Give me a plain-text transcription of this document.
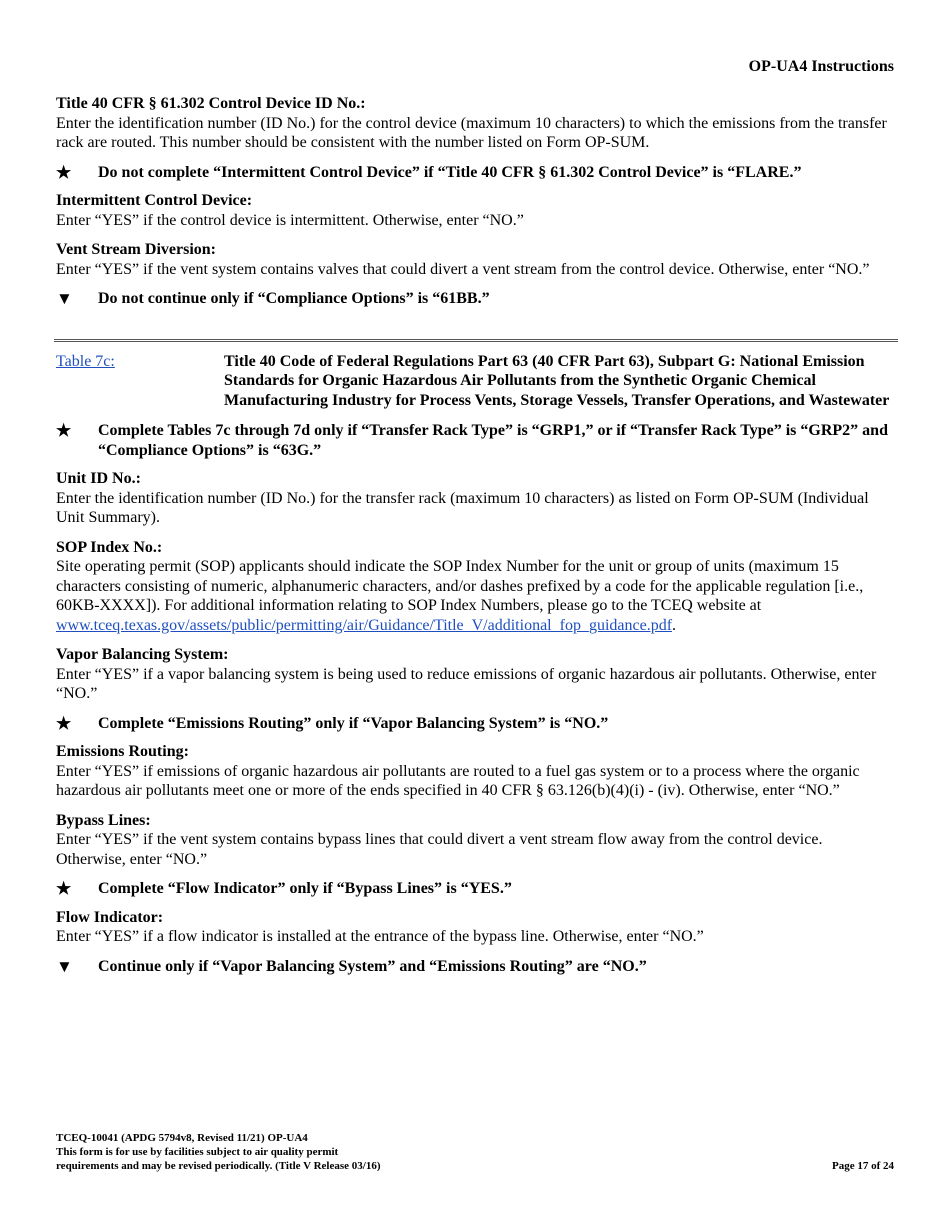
OP-UA4 Instructions
Title 40 CFR § 61.302 Control Device ID No.:
Enter the identification number (ID No.) for the control device (maximum 10 characters) to which the emissions from the transfer rack are routed. This number should be consistent with the number listed on Form OP-SUM.
★	Do not complete “Intermittent Control Device” if “Title 40 CFR § 61.302 Control Device” is “FLARE.”
Intermittent Control Device:
Enter “YES” if the control device is intermittent. Otherwise, enter “NO.”
Vent Stream Diversion:
Enter “YES” if the vent system contains valves that could divert a vent stream from the control device. Otherwise, enter “NO.”
▼	Do not continue only if “Compliance Options” is “61BB.”
Table 7c:	Title 40 Code of Federal Regulations Part 63 (40 CFR Part 63), Subpart G: National Emission Standards for Organic Hazardous Air Pollutants from the Synthetic Organic Chemical Manufacturing Industry for Process Vents, Storage Vessels, Transfer Operations, and Wastewater
★	Complete Tables 7c through 7d only if “Transfer Rack Type” is “GRP1,” or if “Transfer Rack Type” is “GRP2” and “Compliance Options” is “63G.”
Unit ID No.:
Enter the identification number (ID No.) for the transfer rack (maximum 10 characters) as listed on Form OP-SUM (Individual Unit Summary).
SOP Index No.:
Site operating permit (SOP) applicants should indicate the SOP Index Number for the unit or group of units (maximum 15 characters consisting of numeric, alphanumeric characters, and/or dashes prefixed by a code for the applicable regulation [i.e., 60KB-XXXX]). For additional information relating to SOP Index Numbers, please go to the TCEQ website at www.tceq.texas.gov/assets/public/permitting/air/Guidance/Title_V/additional_fop_guidance.pdf.
Vapor Balancing System:
Enter “YES” if a vapor balancing system is being used to reduce emissions of organic hazardous air pollutants. Otherwise, enter “NO.”
★	Complete “Emissions Routing” only if “Vapor Balancing System” is “NO.”
Emissions Routing:
Enter “YES” if emissions of organic hazardous air pollutants are routed to a fuel gas system or to a process where the organic hazardous air pollutants meet one or more of the ends specified in 40 CFR § 63.126(b)(4)(i) - (iv). Otherwise, enter “NO.”
Bypass Lines:
Enter “YES” if the vent system contains bypass lines that could divert a vent stream flow away from the control device. Otherwise, enter “NO.”
★	Complete “Flow Indicator” only if “Bypass Lines” is “YES.”
Flow Indicator:
Enter “YES” if a flow indicator is installed at the entrance of the bypass line. Otherwise, enter “NO.”
▼	Continue only if “Vapor Balancing System” and “Emissions Routing” are “NO.”
TCEQ-10041 (APDG 5794v8, Revised 11/21) OP-UA4
This form is for use by facilities subject to air quality permit
requirements and may be revised periodically. (Title V Release 03/16)	Page 17 of 24
